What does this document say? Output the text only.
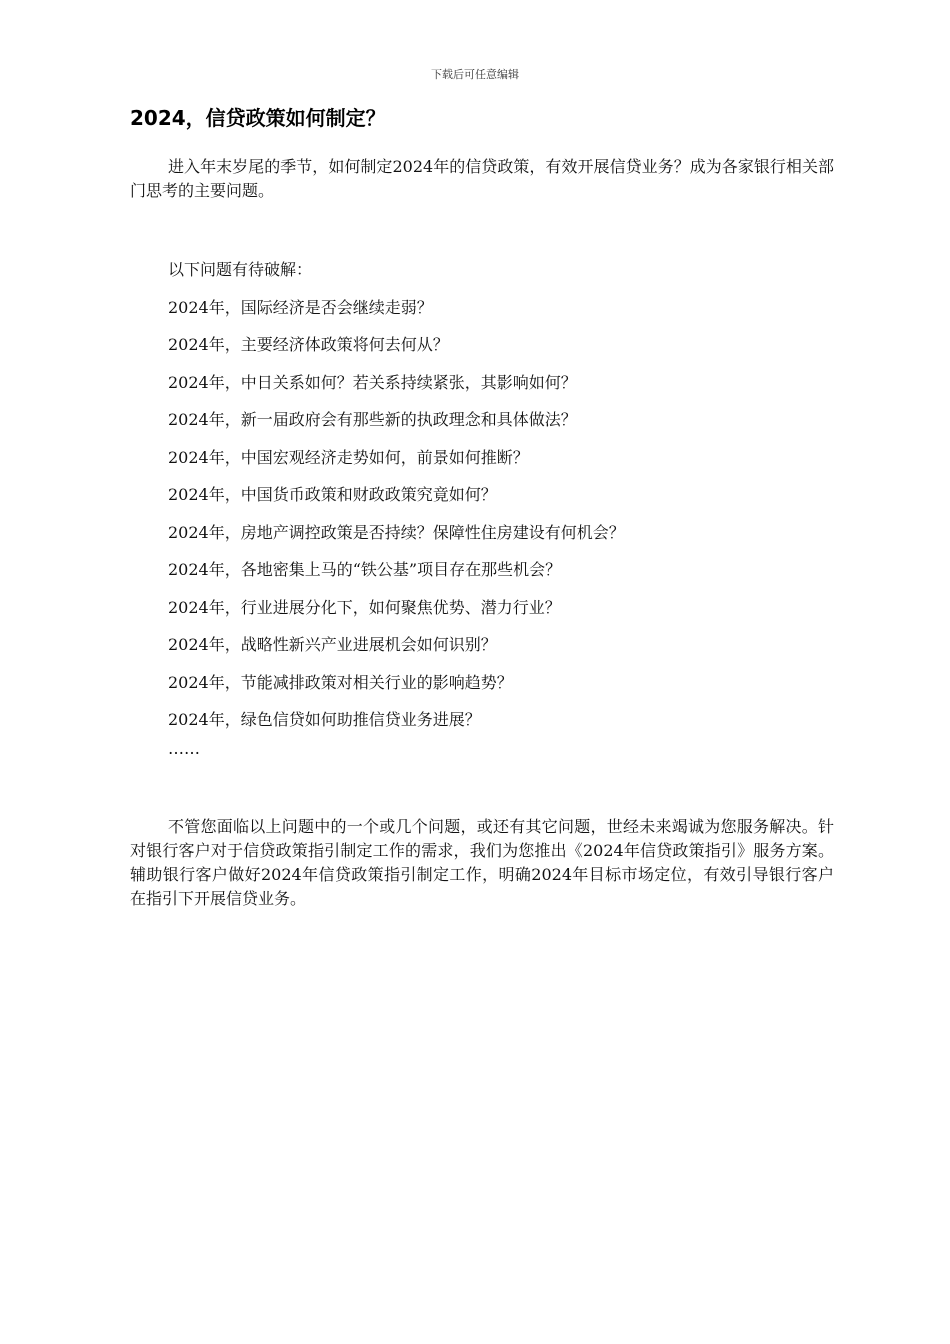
下载后可任意编辑
2024，信贷政策如何制定？

进入年末岁尾的季节，如何制定2024年的信贷政策，有效开展信贷业务？成为各家银行相关部门思考的主要问题。

以下问题有待破解：
2024年，国际经济是否会继续走弱？
2024年，主要经济体政策将何去何从？
2024年，中日关系如何？若关系持续紧张，其影响如何？
2024年，新一届政府会有那些新的执政理念和具体做法？
2024年，中国宏观经济走势如何，前景如何推断？
2024年，中国货币政策和财政政策究竟如何？
2024年，房地产调控政策是否持续？保障性住房建设有何机会？
2024年，各地密集上马的“铁公基”项目存在那些机会？
2024年，行业进展分化下，如何聚焦优势、潜力行业？
2024年，战略性新兴产业进展机会如何识别？
2024年，节能减排政策对相关行业的影响趋势？
2024年，绿色信贷如何助推信贷业务进展？
……

不管您面临以上问题中的一个或几个问题，或还有其它问题，世经未来竭诚为您服务解决。针对银行客户对于信贷政策指引制定工作的需求，我们为您推出《2024年信贷政策指引》服务方案。辅助银行客户做好2024年信贷政策指引制定工作，明确2024年目标市场定位，有效引导银行客户在指引下开展信贷业务。
